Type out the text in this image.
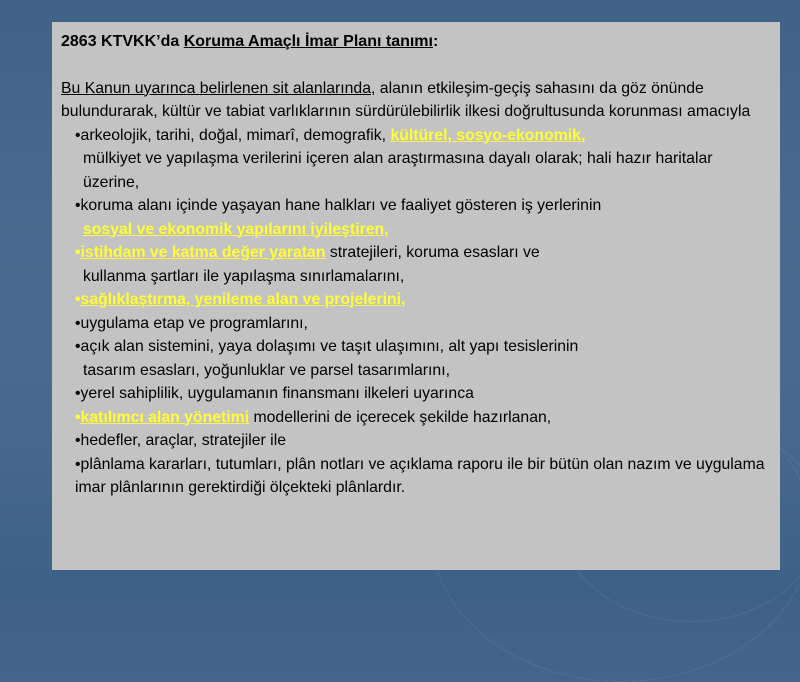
2863 KTVKK’da Koruma Amaçlı İmar Planı tanımı:
Bu Kanun uyarınca belirlenen sit alanlarında, alanın etkileşim-geçiş sahasını da göz önünde bulundurarak, kültür ve tabiat varlıklarının sürdürülebilirlik ilkesi doğrultusunda korunması amacıyla
•arkeolojik, tarihi, doğal, mimarî, demografik, kültürel, sosyo-ekonomik,
mülkiyet ve yapılaşma verilerini içeren alan araştırmasına dayalı olarak; hali hazır haritalar üzerine,
•koruma alanı içinde yaşayan hane halkları ve faaliyet gösteren iş yerlerinin
sosyal ve ekonomik yapılarını iyileştiren,
•istihdam ve katma değer yaratan stratejileri, koruma esasları ve
kullanma şartları ile yapılaşma sınırlamalarını,
•sağlıklaştırma, yenileme alan ve projelerini,
•uygulama etap ve programlarını,
•açık alan sistemini, yaya dolaşımı ve taşıt ulaşımını, alt yapı tesislerinin
tasarım esasları, yoğunluklar ve parsel tasarımlarını,
•yerel sahiplilik, uygulamanın finansmanı ilkeleri uyarınca
•katılımcı alan yönetimi modellerini de içerecek şekilde hazırlanan,
•hedefler, araçlar, stratejiler ile
•plânlama kararları, tutumları, plân notları ve açıklama raporu ile bir bütün olan nazım ve uygulama imar plânlarının gerektirdiği ölçekteki plânlardır.
